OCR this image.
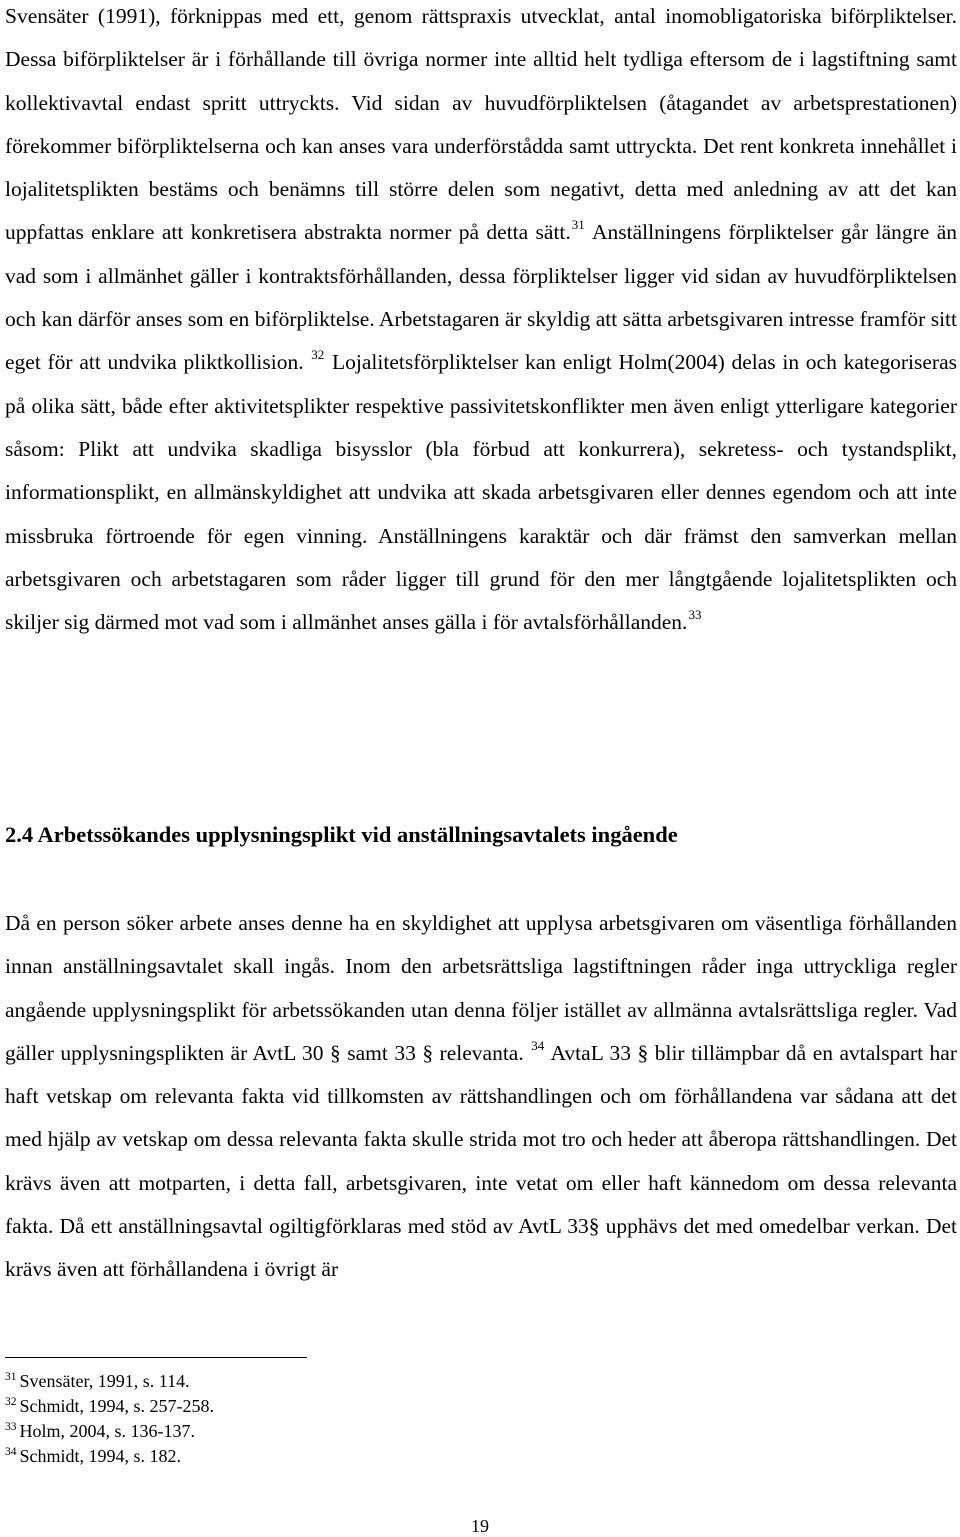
Svensäter (1991), förknippas med ett, genom rättspraxis utvecklat, antal inomobligatoriska biförpliktelser. Dessa biförpliktelser är i förhållande till övriga normer inte alltid helt tydliga eftersom de i lagstiftning samt kollektivavtal endast spritt uttryckts. Vid sidan av huvudförpliktelsen (åtagandet av arbetsprestationen) förekommer biförpliktelserna och kan anses vara underförstådda samt uttryckta. Det rent konkreta innehållet i lojalitetsplikten bestäms och benämns till större delen som negativt, detta med anledning av att det kan uppfattas enklare att konkretisera abstrakta normer på detta sätt.$^{31}$ Anställningens förpliktelser går längre än vad som i allmänhet gäller i kontraktsförhållanden, dessa förpliktelser ligger vid sidan av huvudförpliktelsen och kan därför anses som en biförpliktelse. Arbetstagaren är skyldig att sätta arbetsgivaren intresse framför sitt eget för att undvika pliktkollision. $^{32}$ Lojalitetsförpliktelser kan enligt Holm(2004) delas in och kategoriseras på olika sätt, både efter aktivitetsplikter respektive passivitetskonflikter men även enligt ytterligare kategorier såsom: Plikt att undvika skadliga bisysslor (bla förbud att konkurrera), sekretess- och tystandsplikt, informationsplikt, en allmänskyldighet att undvika att skada arbetsgivaren eller dennes egendom och att inte missbruka förtroende för egen vinning. Anställningens karaktär och där främst den samverkan mellan arbetsgivaren och arbetstagaren som råder ligger till grund för den mer långtgående lojalitetsplikten och skiljer sig därmed mot vad som i allmänhet anses gälla i för avtalsförhållanden.$^{33}$

2.4 Arbetssökandes upplysningsplikt vid anställningsavtalets ingående

Då en person söker arbete anses denne ha en skyldighet att upplysa arbetsgivaren om väsentliga förhållanden innan anställningsavtalet skall ingås. Inom den arbetsrättsliga lagstiftningen råder inga uttryckliga regler angående upplysningsplikt för arbetssökanden utan denna följer istället av allmänna avtalsrättsliga regler. Vad gäller upplysningsplikten är AvtL 30 § samt 33 § relevanta. $^{34}$ AvtaL 33 § blir tillämpbar då en avtalspart har haft vetskap om relevanta fakta vid tillkomsten av rättshandlingen och om förhållandena var sådana att det med hjälp av vetskap om dessa relevanta fakta skulle strida mot tro och heder att åberopa rättshandlingen. Det krävs även att motparten, i detta fall, arbetsgivaren, inte vetat om eller haft kännedom om dessa relevanta fakta. Då ett anställningsavtal ogiltigförklaras med stöd av AvtL 33§ upphävs det med omedelbar verkan. Det krävs även att förhållandena i övrigt är

$^{31}$ Svensäter, 1991, s. 114.
$^{32}$ Schmidt, 1994, s. 257-258.
$^{33}$ Holm, 2004, s. 136-137.
$^{34}$ Schmidt, 1994, s. 182.
19
